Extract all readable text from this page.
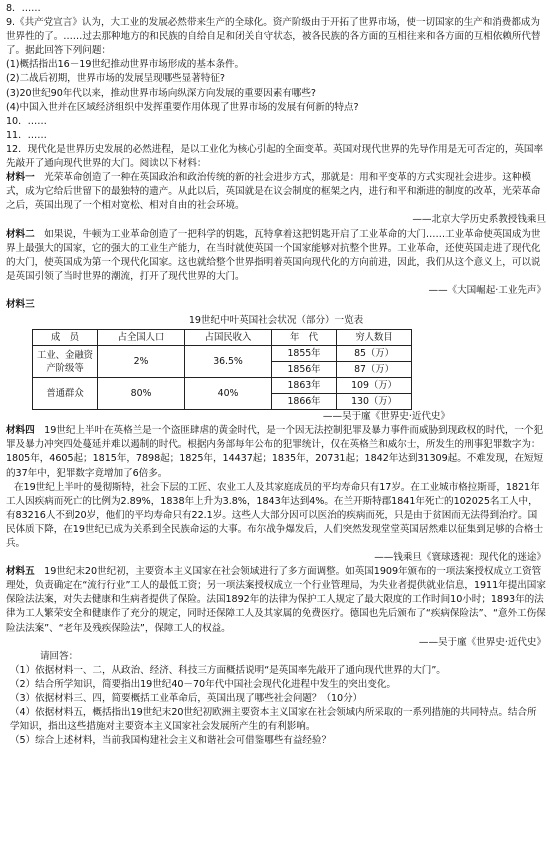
8．……

9.《共产党宣言》认为，大工业的发展必然带来生产的全球化。资产阶级由于开拓了世界市场，使一切国家的生产和消费都成为世界性的了。……过去那种地方的和民族的自给自足和闭关自守状态，被各民族的各方面的互相往来和各方面的互相依赖所代替了。据此回答下列问题：

(1)概括指出16－19世纪推动世界市场形成的基本条件。

(2)二战后初期，世界市场的发展呈现哪些显著特征?

(3)20世纪90年代以来，推动世界市场向纵深方向发展的重要因素有哪些?

(4)中国入世并在区域经济组织中发挥重要作用体现了世界市场的发展有何新的特点?

10．……

11．……

12．现代化是世界历史发展的必然进程，是以工业化为核心引起的全面变革。英国对现代世界的先导作用是无可否定的，英国率先敲开了通向现代世界的大门。阅读以下材料：

材料一　光荣革命创造了一种在英国政治和政治传统的新的社会进步方式，那就是：用和平变革的方式实现社会进步。这种模式，成为它给后世留下的最独特的遗产。从此以后，英国就是在议会制度的框架之内，进行和平和渐进的制度的改革，光荣革命之后，英国出现了一个相对宽松、相对自由的社会环境。

——北京大学历史系教授钱乘旦

材料二　如果说，牛顿为工业革命创造了一把科学的钥匙，瓦特拿着这把钥匙开启了工业革命的大门……工业革命使英国成为世界上最强大的国家，它的强大的工业生产能力，在当时就使英国一个国家能够对抗整个世界。工业革命，还使英国走进了现代化的大门，使英国成为第一个现代化国家。这也就给整个世界指明着英国向现代化的方向前进，因此，我们从这个意义上，可以说是英国引领了当时世界的潮流，打开了现代世界的大门。

——《大国崛起·工业先声》

材料三

19世纪中叶英国社会状况（部分）一览表

成　员	占全国人口	占国民收入	年　代	穷人数目
工业、金融资产阶级等	2%	36.5%	1855年	85（万）
			1856年	87（万）
普通群众	80%	40%	1863年	109（万）
			1866年	130（万）

——吴于廑《世界史·近代史》

材料四　19世纪上半叶在英格兰是一个盗匪肆虐的黄金时代，是一个因无法控制犯罪及暴力事件而威胁到现政权的时代，一个犯罪及暴力冲突四处蔓延并难以遏制的时代。根据内务部每年公布的犯罪统计，仅在英格兰和威尔士，所发生的刑事犯罪数字为：1805年，4605起；1815年，7898起；1825年，14437起；1835年，20731起；1842年达到31309起。不难发现，在短短的37年中，犯罪数字竟增加了6倍多。

在19世纪上半叶的曼彻斯特，社会下层的工匠、农业工人及其家庭成员的平均寿命只有17岁。在工业城市格拉斯哥，1821年工人因疾病而死亡的比例为2.89%，1838年上升为3.8%，1843年达到4%。在兰开斯特郡1841年死亡的102025名工人中，有83216人不到20岁，他们的平均寿命只有22.1岁。这些人大部分因可以医治的疾病而死，只是由于贫困而无法得到治疗。国民体质下降，在19世纪已成为关系到全民族命运的大事。布尔战争爆发后，人们突然发现堂堂英国居然难以征集到足够的合格士兵。

——钱乘旦《寰球透视：现代化的迷途》

材料五　19世纪末20世纪初，主要资本主义国家在社会领域进行了多方面调整。如英国1909年颁布的一项法案授权成立工资管理处，负责确定在“流行行业”工人的最低工资；另一项法案授权成立一个行业管理局，为失业者提供就业信息，1911年提出国家保险法法案，对失去健康和生病者提供了保险。法国1892年的法律为保护工人规定了最大限度的工作时间10小时；1893年的法律为工人繁荣安全和健康作了充分的规定，同时还保障工人及其家属的免费医疗。德国也先后颁布了“疾病保险法”、“意外工伤保险法法案”、“老年及残疾保险法”，保障工人的权益。

——吴于廑《世界史·近代史》

请回答：

（1）依据材料一、二，从政治、经济、科技三方面概括说明“是英国率先敲开了通向现代世界的大门”。

（2）结合所学知识，简要指出19世纪40－70年代中国社会现代化进程中发生的突出变化。

（3）依据材料三、四，简要概括工业革命后，英国出现了哪些社会问题？（10分）

（4）依据材料五，概括指出19世纪末20世纪初欧洲主要资本主义国家在社会领域内所采取的一系列措施的共同特点。结合所学知识，指出这些措施对主要资本主义国家社会发展所产生的有利影响。

（5）综合上述材料，当前我国构建社会主义和谐社会可借鉴哪些有益经验？
